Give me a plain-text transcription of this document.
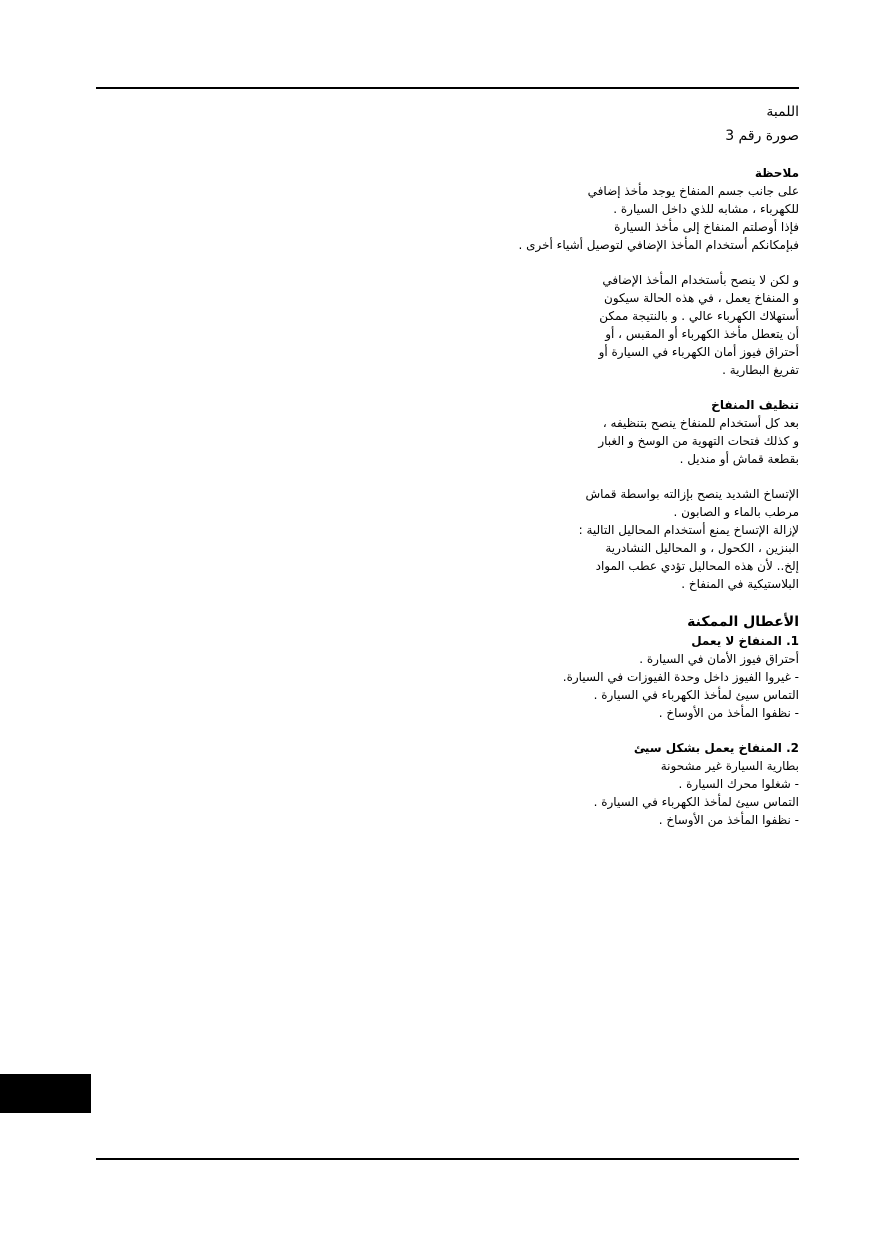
اللمبة

صورة رقم 3

ملاحظة

على جانب جسم المنفاخ يوجد مأخذ إضافي

للكهرباء ، مشابه للذي داخل السيارة .

فإذا أوصلتم المنفاخ إلى مأخذ السيارة

فبإمكانكم أستخدام المأخذ الإضافي لتوصيل أشياء أخرى .

و لكن لا ينصح بأستخدام المأخذ الإضافي

و المنفاخ يعمل ، في هذه الحالة سيكون

أستهلاك الكهرباء عالي . و بالنتيجة ممكن

أن يتعطل مأخذ الكهرباء أو المقبس ، أو

أحتراق فيوز أمان الكهرباء في السيارة أو

تفريغ البطارية .

تنظيف المنفاخ

بعد كل أستخدام للمنفاخ ينصح بتنظيفه ،

و كذلك فتحات التهوية من الوسخ و الغبار

بقطعة قماش أو منديل .

الإتساخ الشديد ينصح بإزالته بواسطة قماش

مرطب بالماء و الصابون .

لإزالة الإتساخ يمنع أستخدام المحاليل التالية :

البنزين ، الكحول ، و المحاليل النشادرية

إلخ.. لأن هذه المحاليل تؤدي عطب المواد

البلاستيكية في المنفاخ .

الأعطال الممكنة

1. المنفاخ لا يعمل

أحتراق فيوز الأمان في السيارة .

- غيروا الفيوز داخل وحدة الفيوزات في السيارة.

التماس سيئ لمأخذ الكهرباء في السيارة .

- نظفوا المأخذ من الأوساخ .

2. المنفاخ يعمل بشكل سيئ

بطارية السيارة غير مشحونة

- شغلوا محرك السيارة .

التماس سيئ لمأخذ الكهرباء في السيارة .

- نظفوا المأخذ من الأوساخ .
